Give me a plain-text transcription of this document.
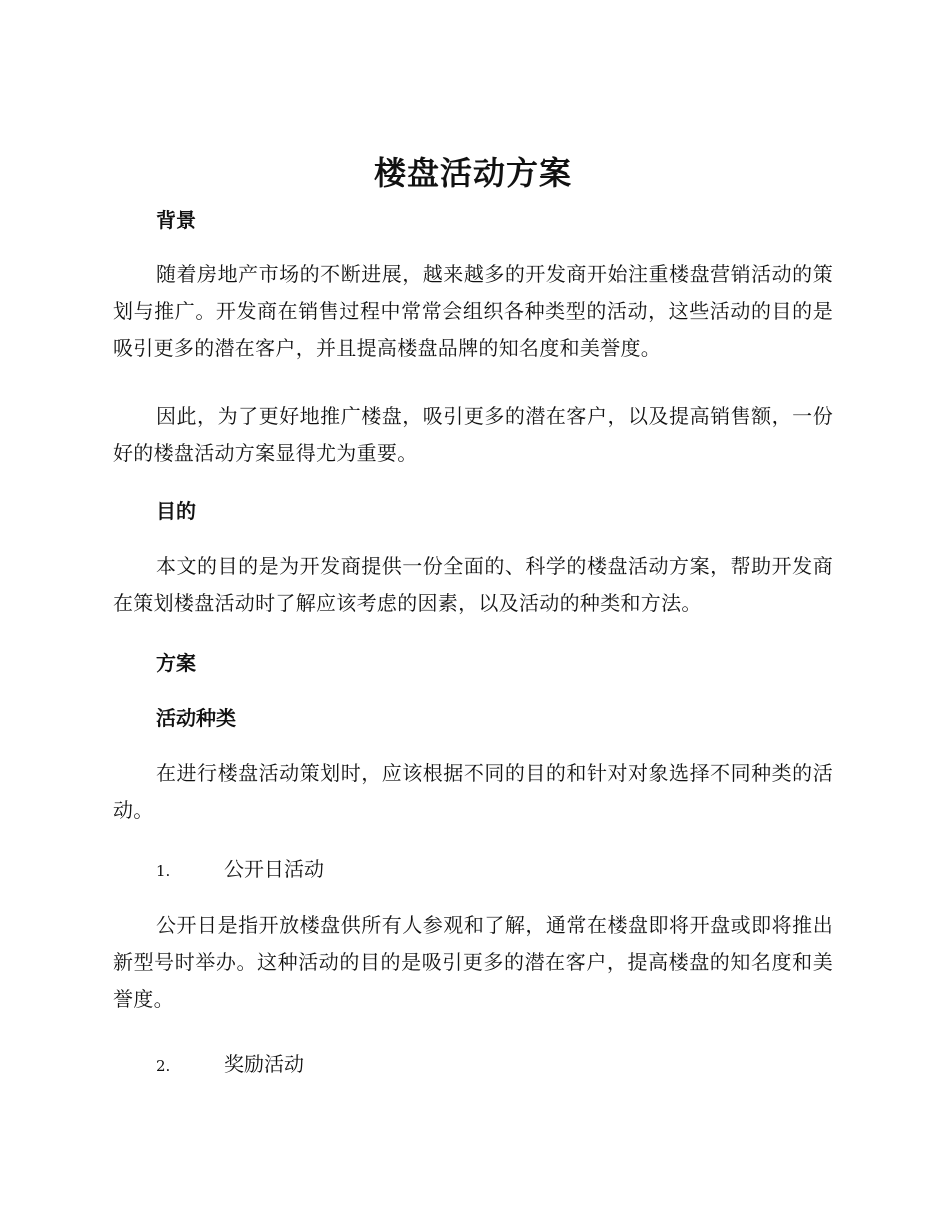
楼盘活动方案
背景

随着房地产市场的不断进展，越来越多的开发商开始注重楼盘营销活动的策划与推广。开发商在销售过程中常常会组织各种类型的活动，这些活动的目的是吸引更多的潜在客户，并且提高楼盘品牌的知名度和美誉度。

因此，为了更好地推广楼盘，吸引更多的潜在客户，以及提高销售额，一份好的楼盘活动方案显得尤为重要。

目的

本文的目的是为开发商提供一份全面的、科学的楼盘活动方案，帮助开发商在策划楼盘活动时了解应该考虑的因素，以及活动的种类和方法。

方案
活动种类

在进行楼盘活动策划时，应该根据不同的目的和针对对象选择不同种类的活动。

1.	公开日活动

公开日是指开放楼盘供所有人参观和了解，通常在楼盘即将开盘或即将推出新型号时举办。这种活动的目的是吸引更多的潜在客户，提高楼盘的知名度和美誉度。

2.	奖励活动
